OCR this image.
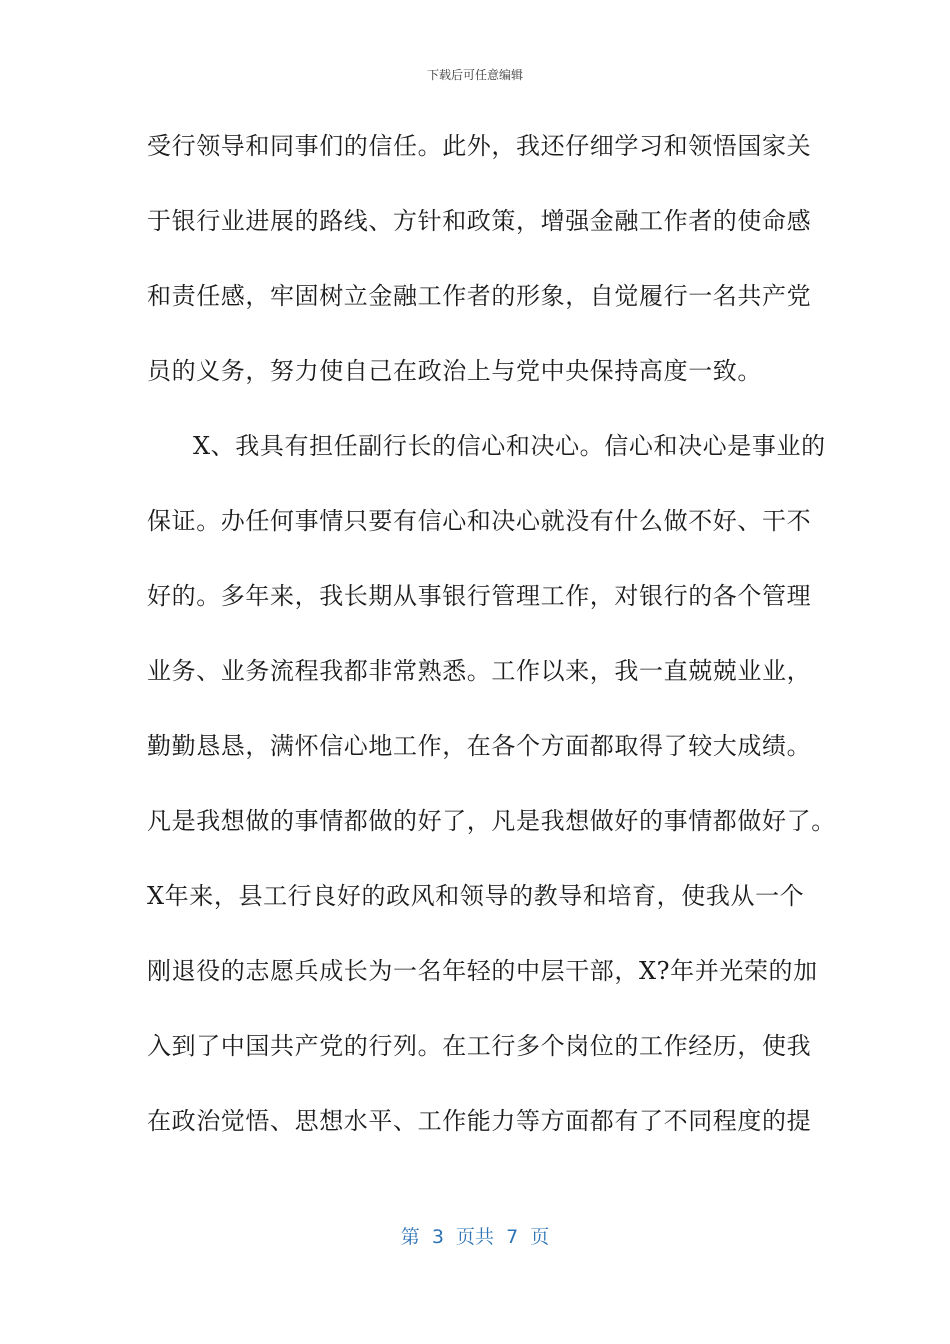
下载后可任意编辑
受行领导和同事们的信任。此外，我还仔细学习和领悟国家关
于银行业进展的路线、方针和政策，增强金融工作者的使命感
和责任感，牢固树立金融工作者的形象，自觉履行一名共产党
员的义务，努力使自己在政治上与党中央保持高度一致。
X、我具有担任副行长的信心和决心。信心和决心是事业的
保证。办任何事情只要有信心和决心就没有什么做不好、干不
好的。多年来，我长期从事银行管理工作，对银行的各个管理
业务、业务流程我都非常熟悉。工作以来，我一直兢兢业业，
勤勤恳恳，满怀信心地工作，在各个方面都取得了较大成绩。
凡是我想做的事情都做的好了，凡是我想做好的事情都做好了。
X年来，县工行良好的政风和领导的教导和培育，使我从一个
刚退役的志愿兵成长为一名年轻的中层干部，X?年并光荣的加
入到了中国共产党的行列。在工行多个岗位的工作经历，使我
在政治觉悟、思想水平、工作能力等方面都有了不同程度的提
第  3  页共  7  页
